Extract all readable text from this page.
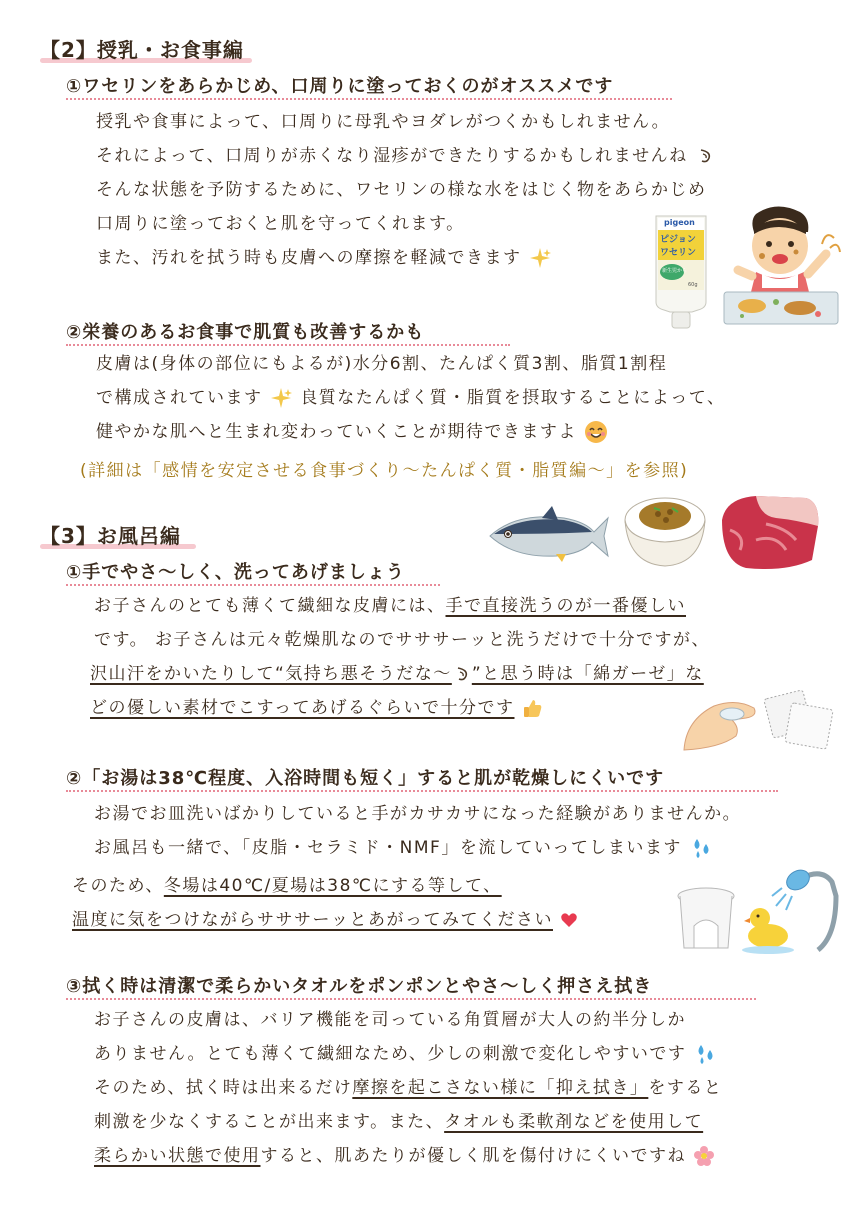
【2】授乳・お食事編
①ワセリンをあらかじめ、口周りに塗っておくのがオススメです
授乳や食事によって、口周りに母乳やヨダレがつくかもしれません。
それによって、口周りが赤くなり湿疹ができたりするかもしれませんね
そんな状態を予防するために、ワセリンの様な水をはじく物をあらかじめ
口周りに塗っておくと肌を守ってくれます。
また、汚れを拭う時も皮膚への摩擦を軽減できます
pigeon
ピジョン
ワセリン
新生児から
60g
②栄養のあるお食事で肌質も改善するかも
皮膚は(身体の部位にもよるが)水分6割、たんぱく質3割、脂質1割程
で構成されています 良質なたんぱく質・脂質を摂取することによって、
健やかな肌へと生まれ変わっていくことが期待できますよ
(詳細は「感情を安定させる食事づくり〜たんぱく質・脂質編〜」を参照)
【3】お風呂編
①手でやさ〜しく、洗ってあげましょう
お子さんのとても薄くて繊細な皮膚には、手で直接洗うのが一番優しい
です。 お子さんは元々乾燥肌なのでサササーッと洗うだけで十分ですが、
沢山汗をかいたりして“気持ち悪そうだな〜 ”と思う時は「綿ガーゼ」な
どの優しい素材でこすってあげるぐらいで十分です
②「お湯は38℃程度、入浴時間も短く」すると肌が乾燥しにくいです
お湯でお皿洗いばかりしていると手がカサカサになった経験がありませんか。
お風呂も一緒で、「皮脂・セラミド・NMF」を流していってしまいます
そのため、冬場は40℃/夏場は38℃にする等して、
温度に気をつけながらサササーッとあがってみてください
③拭く時は清潔で柔らかいタオルをポンポンとやさ〜しく押さえ拭き
お子さんの皮膚は、バリア機能を司っている角質層が大人の約半分しか
ありません。とても薄くて繊細なため、少しの刺激で変化しやすいです
そのため、拭く時は出来るだけ摩擦を起こさない様に「抑え拭き」をすると
刺激を少なくすることが出来ます。また、タオルも柔軟剤などを使用して
柔らかい状態で使用すると、肌あたりが優しく肌を傷付けにくいですね
